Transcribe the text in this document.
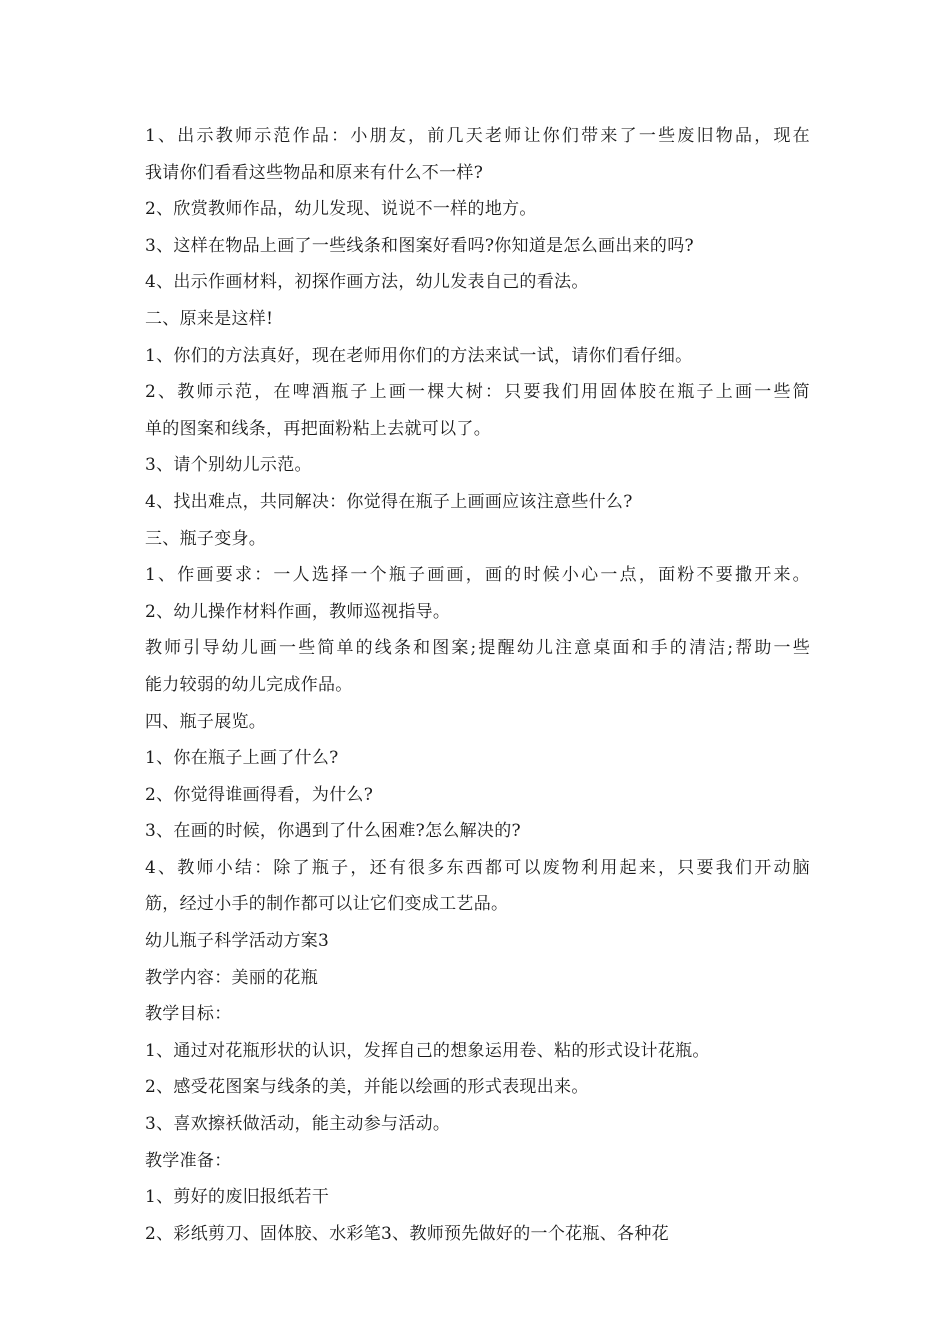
1、出示教师示范作品：小朋友，前几天老师让你们带来了一些废旧物品，现在
我请你们看看这些物品和原来有什么不一样?
2、欣赏教师作品，幼儿发现、说说不一样的地方。
3、这样在物品上画了一些线条和图案好看吗?你知道是怎么画出来的吗?
4、出示作画材料，初探作画方法，幼儿发表自己的看法。
二、原来是这样!
1、你们的方法真好，现在老师用你们的方法来试一试，请你们看仔细。
2、教师示范，在啤酒瓶子上画一棵大树：只要我们用固体胶在瓶子上画一些简
单的图案和线条，再把面粉粘上去就可以了。
3、请个别幼儿示范。
4、找出难点，共同解决：你觉得在瓶子上画画应该注意些什么?
三、瓶子变身。
1、作画要求：一人选择一个瓶子画画，画的时候小心一点，面粉不要撒开来。
2、幼儿操作材料作画，教师巡视指导。
教师引导幼儿画一些简单的线条和图案;提醒幼儿注意桌面和手的清洁;帮助一些
能力较弱的幼儿完成作品。
四、瓶子展览。
1、你在瓶子上画了什么?
2、你觉得谁画得看，为什么?
3、在画的时候，你遇到了什么困难?怎么解决的?
4、教师小结：除了瓶子，还有很多东西都可以废物利用起来，只要我们开动脑
筋，经过小手的制作都可以让它们变成工艺品。
幼儿瓶子科学活动方案3
教学内容：美丽的花瓶
教学目标：
1、通过对花瓶形状的认识，发挥自己的想象运用卷、粘的形式设计花瓶。
2、感受花图案与线条的美，并能以绘画的形式表现出来。
3、喜欢擦袄做活动，能主动参与活动。
教学准备：
1、剪好的废旧报纸若干
2、彩纸剪刀、固体胶、水彩笔3、教师预先做好的一个花瓶、各种花
